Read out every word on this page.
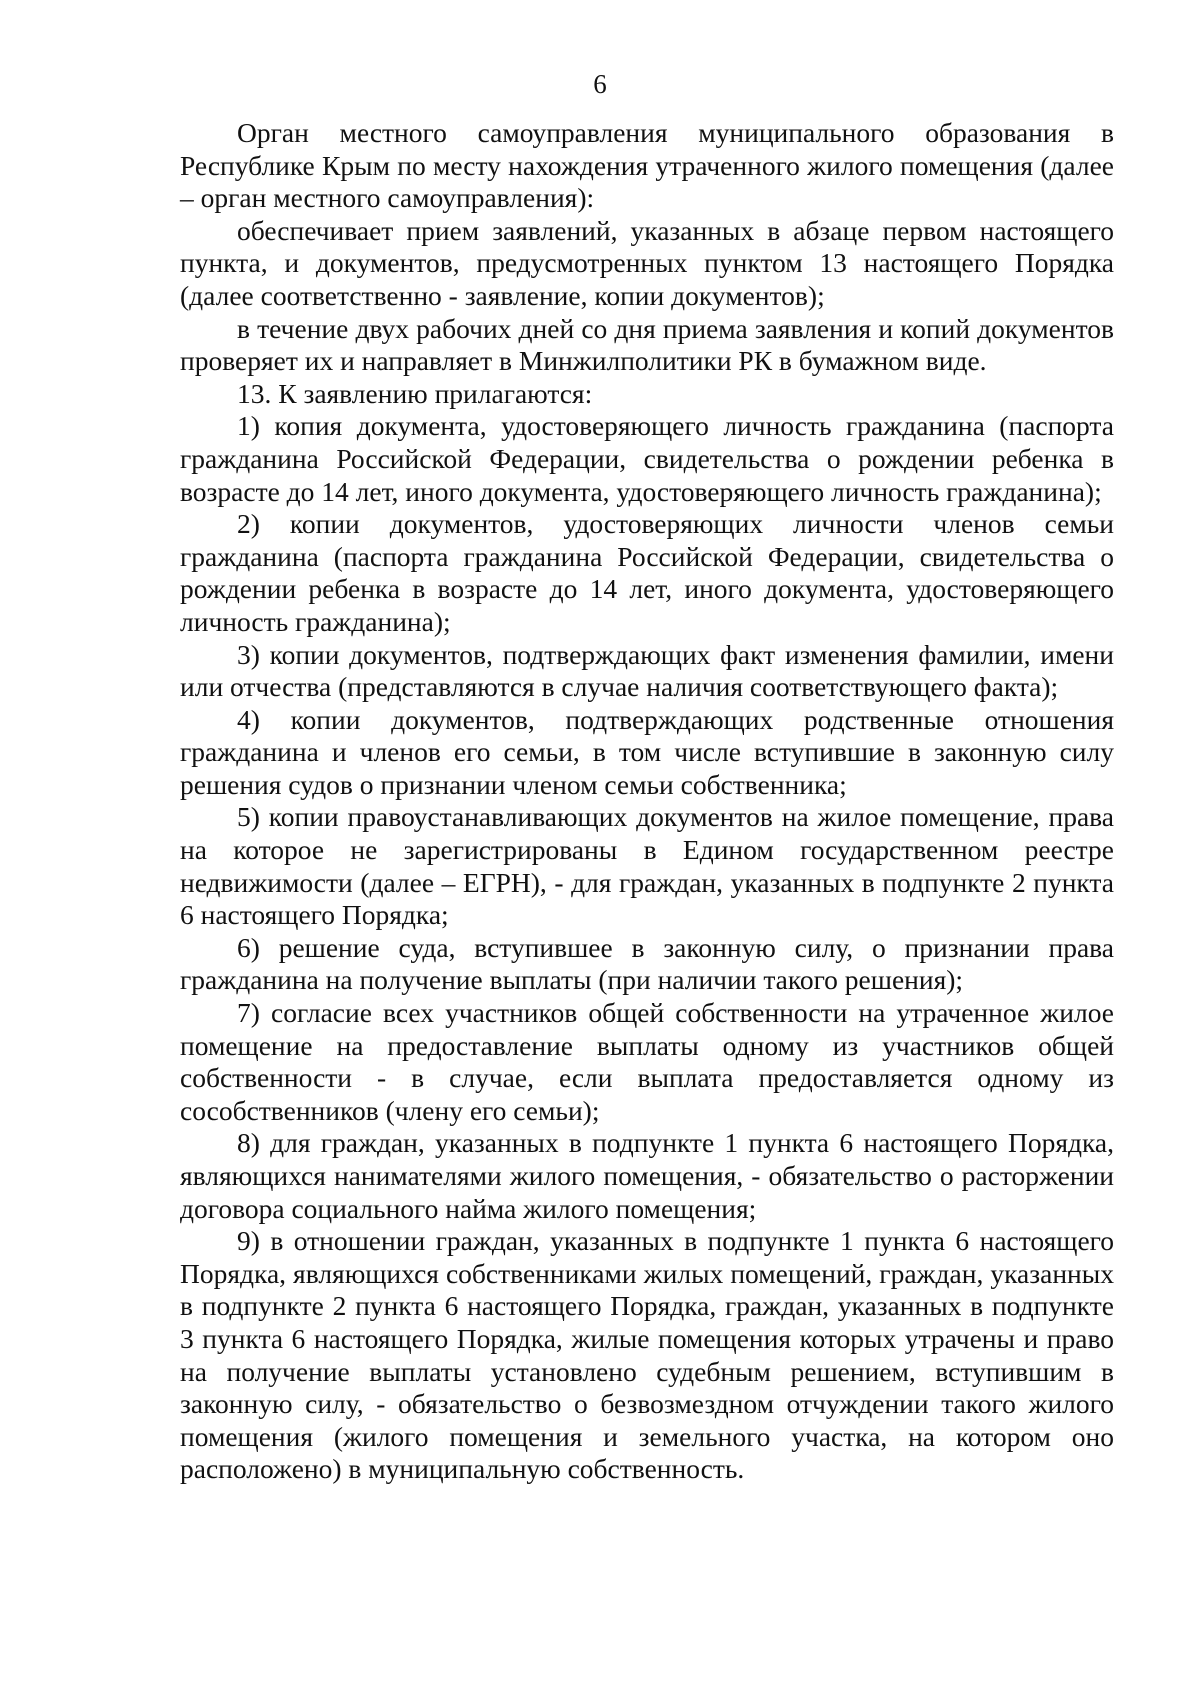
6

Орган местного самоуправления муниципального образования в Республике Крым по месту нахождения утраченного жилого помещения (далее – орган местного самоуправления):

обеспечивает прием заявлений, указанных в абзаце первом настоящего пункта, и документов, предусмотренных пунктом 13 настоящего Порядка (далее соответственно - заявление, копии документов);

в течение двух рабочих дней со дня приема заявления и копий документов проверяет их и направляет в Минжилполитики РК в бумажном виде.

13. К заявлению прилагаются:

1) копия документа, удостоверяющего личность гражданина (паспорта гражданина Российской Федерации, свидетельства о рождении ребенка в возрасте до 14 лет, иного документа, удостоверяющего личность гражданина);

2) копии документов, удостоверяющих личности членов семьи гражданина (паспорта гражданина Российской Федерации, свидетельства о рождении ребенка в возрасте до 14 лет, иного документа, удостоверяющего личность гражданина);

3) копии документов, подтверждающих факт изменения фамилии, имени или отчества (представляются в случае наличия соответствующего факта);

4) копии документов, подтверждающих родственные отношения гражданина и членов его семьи, в том числе вступившие в законную силу решения судов о признании членом семьи собственника;

5) копии правоустанавливающих документов на жилое помещение, права на которое не зарегистрированы в Едином государственном реестре недвижимости (далее – ЕГРН), - для граждан, указанных в подпункте 2 пункта 6 настоящего Порядка;

6) решение суда, вступившее в законную силу, о признании права гражданина на получение выплаты (при наличии такого решения);

7) согласие всех участников общей собственности на утраченное жилое помещение на предоставление выплаты одному из участников общей собственности - в случае, если выплата предоставляется одному из сособственников (члену его семьи);

8) для граждан, указанных в подпункте 1 пункта 6 настоящего Порядка, являющихся нанимателями жилого помещения, - обязательство о расторжении договора социального найма жилого помещения;

9) в отношении граждан, указанных в подпункте 1 пункта 6 настоящего Порядка, являющихся собственниками жилых помещений, граждан, указанных в подпункте 2 пункта 6 настоящего Порядка, граждан, указанных в подпункте 3 пункта 6 настоящего Порядка, жилые помещения которых утрачены и право на получение выплаты установлено судебным решением, вступившим в законную силу, - обязательство о безвозмездном отчуждении такого жилого помещения (жилого помещения и земельного участка, на котором оно расположено) в муниципальную собственность.
